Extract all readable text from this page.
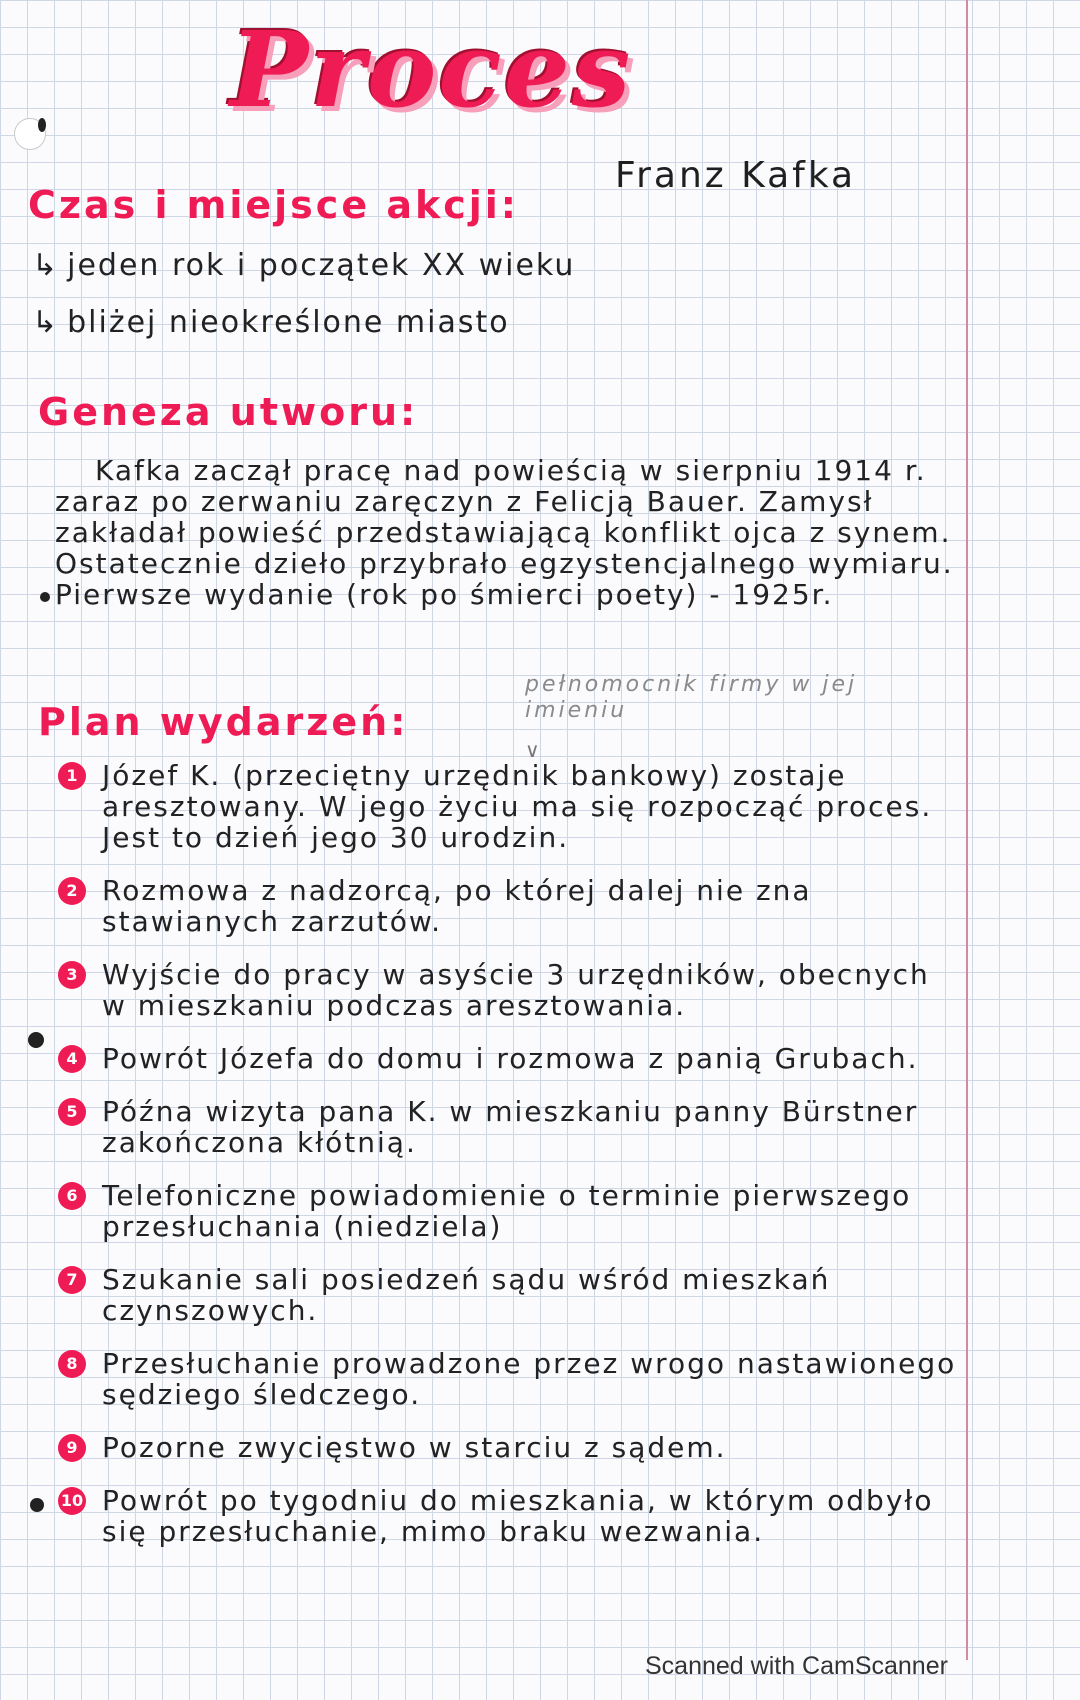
Proces
Franz Kafka
Czas i miejsce akcji:
↳ jeden rok i początek XX wieku
↳ bliżej nieokreślone miasto
Geneza utworu:
Kafka zaczął pracę nad powieścią w sierpniu 1914 r. zaraz po zerwaniu zaręczyn z Felicją Bauer. Zamysł zakładał powieść przedstawiającą konflikt ojca z synem. Ostatecznie dzieło przybrało egzystencjalnego wymiaru. Pierwsze wydanie (rok po śmierci poety) - 1925r.
Plan wydarzeń:
pełnomocnik firmy w jej imieniu
∨
1 Józef K. (przeciętny urzędnik bankowy) zostaje aresztowany. W jego życiu ma się rozpocząć proces. Jest to dzień jego 30 urodzin.
2 Rozmowa z nadzorcą, po której dalej nie zna stawianych zarzutów.
3 Wyjście do pracy w asyście 3 urzędników, obecnych w mieszkaniu podczas aresztowania.
4 Powrót Józefa do domu i rozmowa z panią Grubach.
5 Późna wizyta pana K. w mieszkaniu panny Bürstner zakończona kłótnią.
6 Telefoniczne powiadomienie o terminie pierwszego przesłuchania (niedziela)
7 Szukanie sali posiedzeń sądu wśród mieszkań czynszowych.
8 Przesłuchanie prowadzone przez wrogo nastawionego sędziego śledczego.
9 Pozorne zwycięstwo w starciu z sądem.
10 Powrót po tygodniu do mieszkania, w którym odbyło się przesłuchanie, mimo braku wezwania.
Scanned with CamScanner
